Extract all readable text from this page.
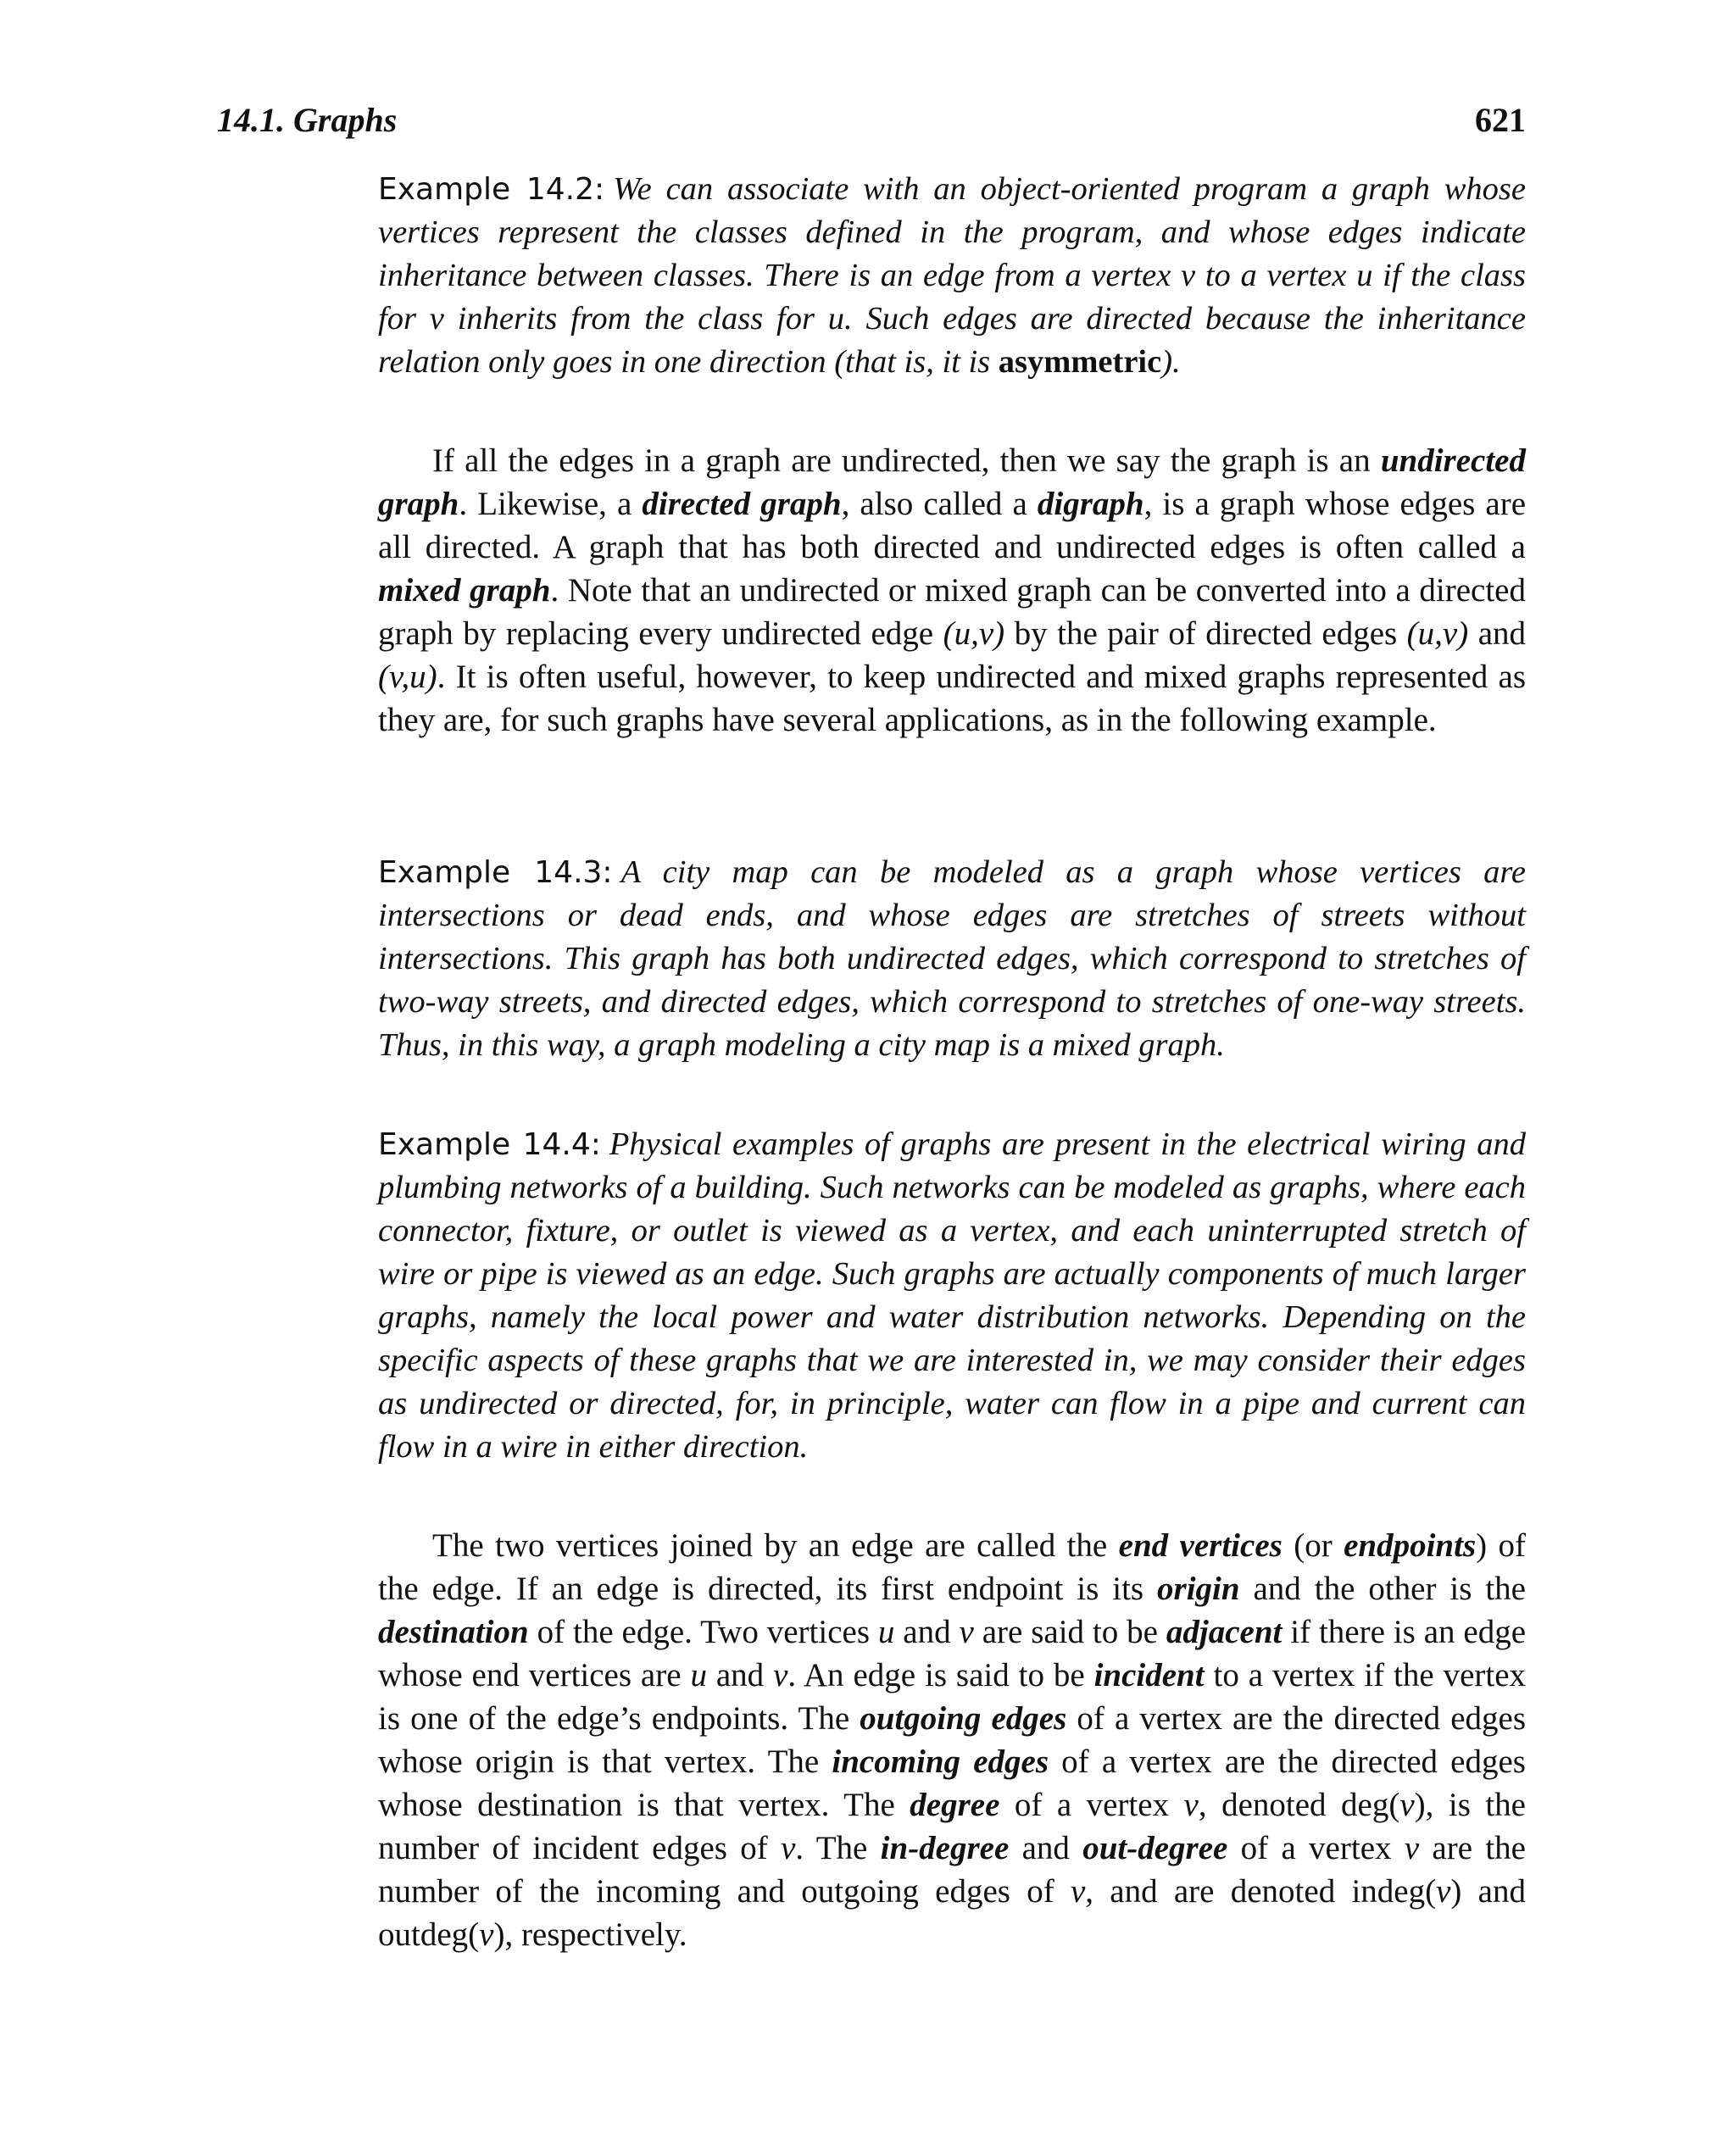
14.1. Graphs	621
Example 14.2: We can associate with an object-oriented program a graph whose vertices represent the classes defined in the program, and whose edges indicate inheritance between classes. There is an edge from a vertex v to a vertex u if the class for v inherits from the class for u. Such edges are directed because the inheritance relation only goes in one direction (that is, it is asymmetric).
If all the edges in a graph are undirected, then we say the graph is an undirected graph. Likewise, a directed graph, also called a digraph, is a graph whose edges are all directed. A graph that has both directed and undirected edges is often called a mixed graph. Note that an undirected or mixed graph can be converted into a directed graph by replacing every undirected edge (u,v) by the pair of directed edges (u,v) and (v,u). It is often useful, however, to keep undirected and mixed graphs represented as they are, for such graphs have several applications, as in the following example.
Example 14.3: A city map can be modeled as a graph whose vertices are intersections or dead ends, and whose edges are stretches of streets without intersections. This graph has both undirected edges, which correspond to stretches of two-way streets, and directed edges, which correspond to stretches of one-way streets. Thus, in this way, a graph modeling a city map is a mixed graph.
Example 14.4: Physical examples of graphs are present in the electrical wiring and plumbing networks of a building. Such networks can be modeled as graphs, where each connector, fixture, or outlet is viewed as a vertex, and each uninterrupted stretch of wire or pipe is viewed as an edge. Such graphs are actually components of much larger graphs, namely the local power and water distribution networks. Depending on the specific aspects of these graphs that we are interested in, we may consider their edges as undirected or directed, for, in principle, water can flow in a pipe and current can flow in a wire in either direction.
The two vertices joined by an edge are called the end vertices (or endpoints) of the edge. If an edge is directed, its first endpoint is its origin and the other is the destination of the edge. Two vertices u and v are said to be adjacent if there is an edge whose end vertices are u and v. An edge is said to be incident to a vertex if the vertex is one of the edge’s endpoints. The outgoing edges of a vertex are the directed edges whose origin is that vertex. The incoming edges of a vertex are the directed edges whose destination is that vertex. The degree of a vertex v, denoted deg(v), is the number of incident edges of v. The in-degree and out-degree of a vertex v are the number of the incoming and outgoing edges of v, and are denoted indeg(v) and outdeg(v), respectively.
